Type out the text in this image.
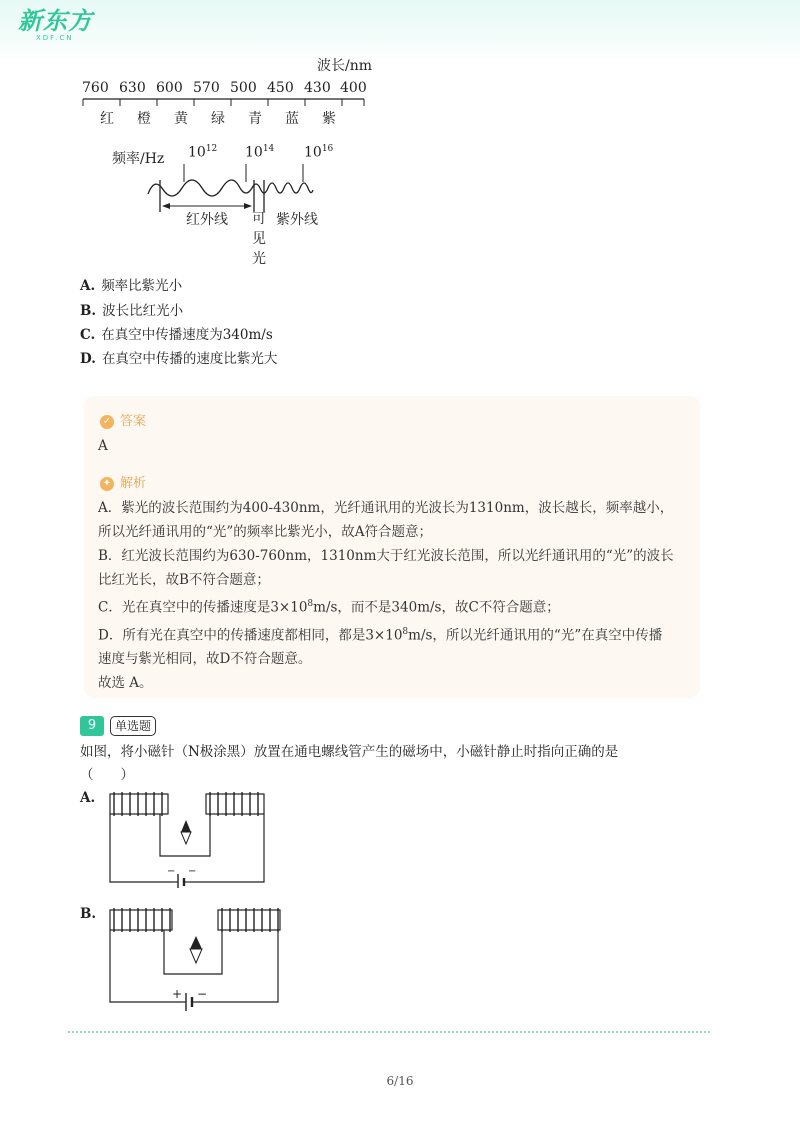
新东方
XDF.CN
波长/nm
760 630 600 570 500 450 430 400
红 橙 黄 绿 青 蓝 紫
频率/Hz $10^{12}$ $10^{14}$ $10^{16}$
红外线 可
见
光
紫外线
A. 频率比紫光小
B. 波长比红光小
C. 在真空中传播速度为340m/s
D. 在真空中传播的速度比紫光大
✓ 答案
A
✦ 解析
A．紫光的波长范围约为400-430nm，光纤通讯用的光波长为1310nm，波长越长，频率越小，
所以光纤通讯用的“光”的频率比紫光小，故A符合题意；
B．红光波长范围约为630-760nm，1310nm大于红光波长范围，所以光纤通讯用的“光”的波长
比红光长，故B不符合题意；
C．光在真空中的传播速度是$3\times 10^8m/s$，而不是340m/s，故C不符合题意；
D．所有光在真空中的传播速度都相同，都是$3\times 10^8m/s$，所以光纤通讯用的“光”在真空中传播
速度与紫光相同，故D不符合题意。
故选 A。
9	单选题
如图，将小磁针（N极涂黑）放置在通电螺线管产生的磁场中，小磁针静止时指向正确的是
（　　）
A.
− −
B.
+ −
6/16
